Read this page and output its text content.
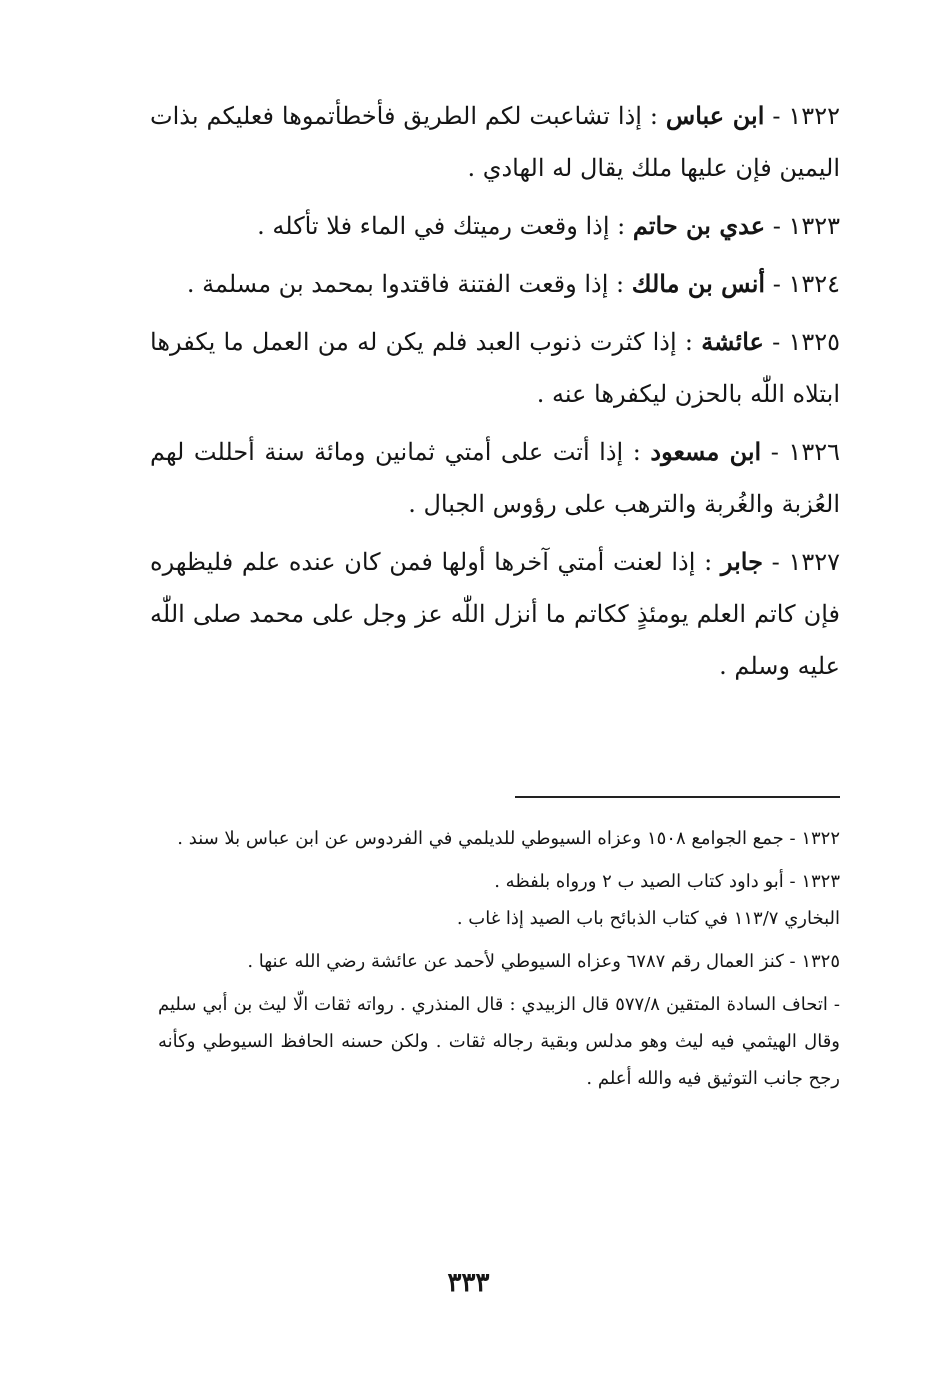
١٣٢٢ - ابن عباس : إذا تشاعبت لكم الطريق فأخطأتموها فعليكم بذات اليمين فإن عليها ملك يقال له الهادي .
١٣٢٣ - عدي بن حاتم : إذا وقعت رميتك في الماء فلا تأكله .
١٣٢٤ - أنس بن مالك : إذا وقعت الفتنة فاقتدوا بمحمد بن مسلمة .
١٣٢٥ - عائشة : إذا كثرت ذنوب العبد فلم يكن له من العمل ما يكفرها ابتلاه اللّٰه بالحزن ليكفرها عنه .
١٣٢٦ - ابن مسعود : إذا أتت على أمتي ثمانين ومائة سنة أحللت لهم العُزبة والغُربة والترهب على رؤوس الجبال .
١٣٢٧ - جابر : إذا لعنت أمتي آخرها أولها فمن كان عنده علم فليظهره فإن كاتم العلم يومئذٍ ككاتم ما أنزل اللّٰه عز وجل على محمد صلى اللّٰه عليه وسلم .
١٣٢٢ - جمع الجوامع ١٥٠٨ وعزاه السيوطي للديلمي في الفردوس عن ابن عباس بلا سند .
١٣٢٣ - أبو داود كتاب الصيد ب ٢ ورواه بلفظه .
البخاري ١١٣/٧ في كتاب الذبائح باب الصيد إذا غاب .
١٣٢٥ - كنز العمال رقم ٦٧٨٧ وعزاه السيوطي لأحمد عن عائشة رضي الله عنها .
- اتحاف السادة المتقين ٥٧٧/٨ قال الزبيدي : قال المنذري . رواته ثقات الّا ليث بن أبي سليم وقال الهيثمي فيه ليث وهو مدلس وبقية رجاله ثقات . ولكن حسنه الحافظ السيوطي وكأنه رجح جانب التوثيق فيه والله أعلم .
٣٣٣
